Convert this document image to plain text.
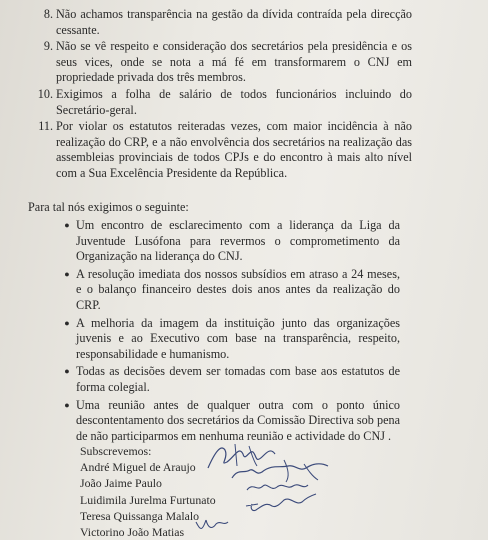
8. Não achamos transparência na gestão da dívida contraída pela direcção cessante.
9. Não se vê respeito e consideração dos secretários pela presidência e os seus vices, onde se nota a má fé em transformarem o CNJ em propriedade privada dos três membros.
10. Exigimos a folha de salário de todos funcionários incluindo do Secretário-geral.
11. Por violar os estatutos reiteradas vezes, com maior incidência à não realização do CRP, e a não envolvência dos secretários na realização das assembleias provinciais de todos CPJs e do encontro à mais alto nível com a Sua Excelência Presidente da República.
Para tal nós exigimos o seguinte:
● Um encontro de esclarecimento com a liderança da Liga da Juventude Lusófona para revermos o comprometimento da Organização na liderança do CNJ.
● A resolução imediata dos nossos subsídios em atraso a 24 meses, e o balanço financeiro destes dois anos antes da realização do CRP.
● A melhoria da imagem da instituição junto das organizações juvenis e ao Executivo com base na transparência, respeito, responsabilidade e humanismo.
● Todas as decisões devem ser tomadas com base aos estatutos de forma colegial.
● Uma reunião antes de qualquer outra com o ponto único descontentamento dos secretários da Comissão Directiva sob pena de não participarmos em nenhuma reunião e actividade do CNJ .
Subscrevemos:
André Miguel de Araujo
João Jaime Paulo
Luidimila Jurelma Furtunato
Teresa Quissanga Malalo
Victorino João Matias
